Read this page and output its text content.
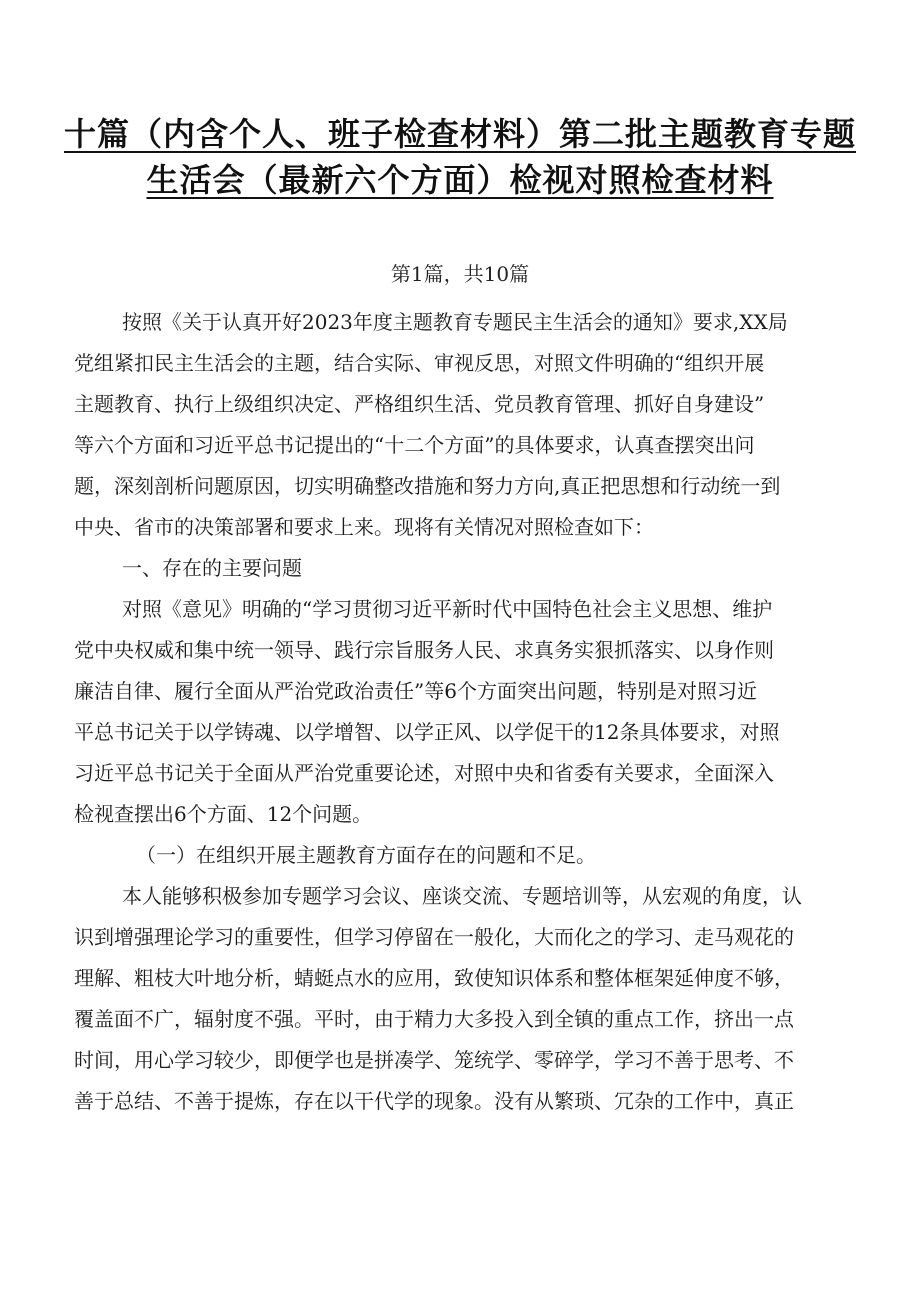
十篇（内含个人、班子检查材料）第二批主题教育专题
生活会（最新六个方面）检视对照检查材料
第1篇，共10篇
按照《关于认真开好2023年度主题教育专题民主生活会的通知》要求,XX局
党组紧扣民主生活会的主题，结合实际、审视反思，对照文件明确的“组织开展
主题教育、执行上级组织决定、严格组织生活、党员教育管理、抓好自身建设”
等六个方面和习近平总书记提出的“十二个方面”的具体要求，认真查摆突出问
题，深刻剖析问题原因，切实明确整改措施和努力方向,真正把思想和行动统一到
中央、省市的决策部署和要求上来。现将有关情况对照检查如下：
一、存在的主要问题
对照《意见》明确的“学习贯彻习近平新时代中国特色社会主义思想、维护
党中央权威和集中统一领导、践行宗旨服务人民、求真务实狠抓落实、以身作则
廉洁自律、履行全面从严治党政治责任”等6个方面突出问题，特别是对照习近
平总书记关于以学铸魂、以学增智、以学正风、以学促干的12条具体要求，对照
习近平总书记关于全面从严治党重要论述，对照中央和省委有关要求，全面深入
检视查摆出6个方面、12个问题。
（一）在组织开展主题教育方面存在的问题和不足。
本人能够积极参加专题学习会议、座谈交流、专题培训等，从宏观的角度，认
识到增强理论学习的重要性，但学习停留在一般化，大而化之的学习、走马观花的
理解、粗枝大叶地分析，蜻蜓点水的应用，致使知识体系和整体框架延伸度不够，
覆盖面不广，辐射度不强。平时，由于精力大多投入到全镇的重点工作，挤出一点
时间，用心学习较少，即便学也是拼凑学、笼统学、零碎学，学习不善于思考、不
善于总结、不善于提炼，存在以干代学的现象。没有从繁琐、冗杂的工作中，真正
